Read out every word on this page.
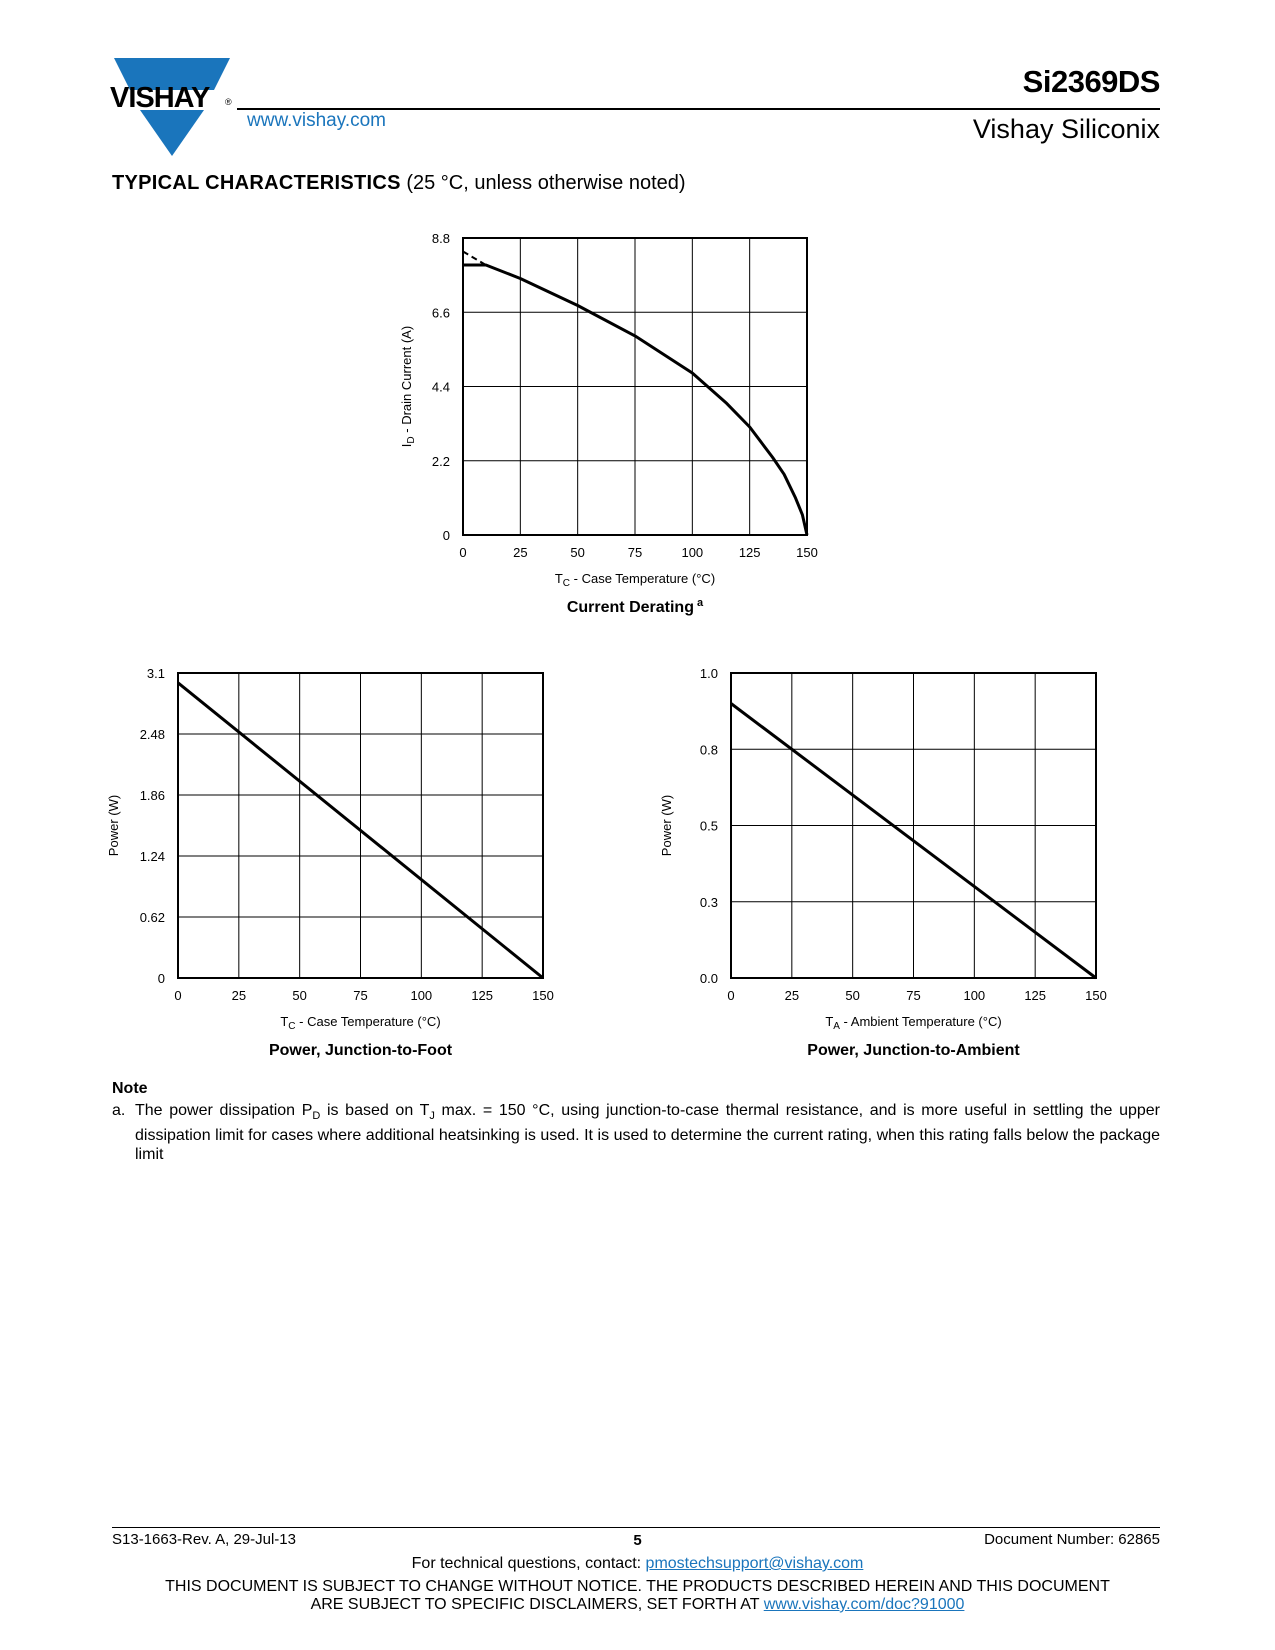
VISHAY ®
Si2369DS
Vishay Siliconix
www.vishay.com
TYPICAL CHARACTERISTICS (25 °C, unless otherwise noted)
0	25	50	75	100	125	150
0
2.2
4.4
6.6
8.8
$T_C$ - Case Temperature (°C)
$I_D$ - Drain Current (A)
Current Derating $^a$
0	25	50	75	100	125	150
0
0.62
1.24
1.86
2.48
3.1
$T_C$ - Case Temperature (°C)
Power (W)
Power, Junction-to-Foot
0	25	50	75	100	125	150
0.0
0.3
0.5
0.8
1.0
$T_A$ - Ambient Temperature (°C)
Power (W)
Power, Junction-to-Ambient
Note
a. The power dissipation $P_D$ is based on $T_J$ max. = 150 °C, using junction-to-case thermal resistance, and is more useful in settling the upper dissipation limit for cases where additional heatsinking is used. It is used to determine the current rating, when this rating falls below the package limit
S13-1663-Rev. A, 29-Jul-13	5	Document Number: 62865
For technical questions, contact: pmostechsupport@vishay.com
THIS DOCUMENT IS SUBJECT TO CHANGE WITHOUT NOTICE. THE PRODUCTS DESCRIBED HEREIN AND THIS DOCUMENT
ARE SUBJECT TO SPECIFIC DISCLAIMERS, SET FORTH AT www.vishay.com/doc?91000
